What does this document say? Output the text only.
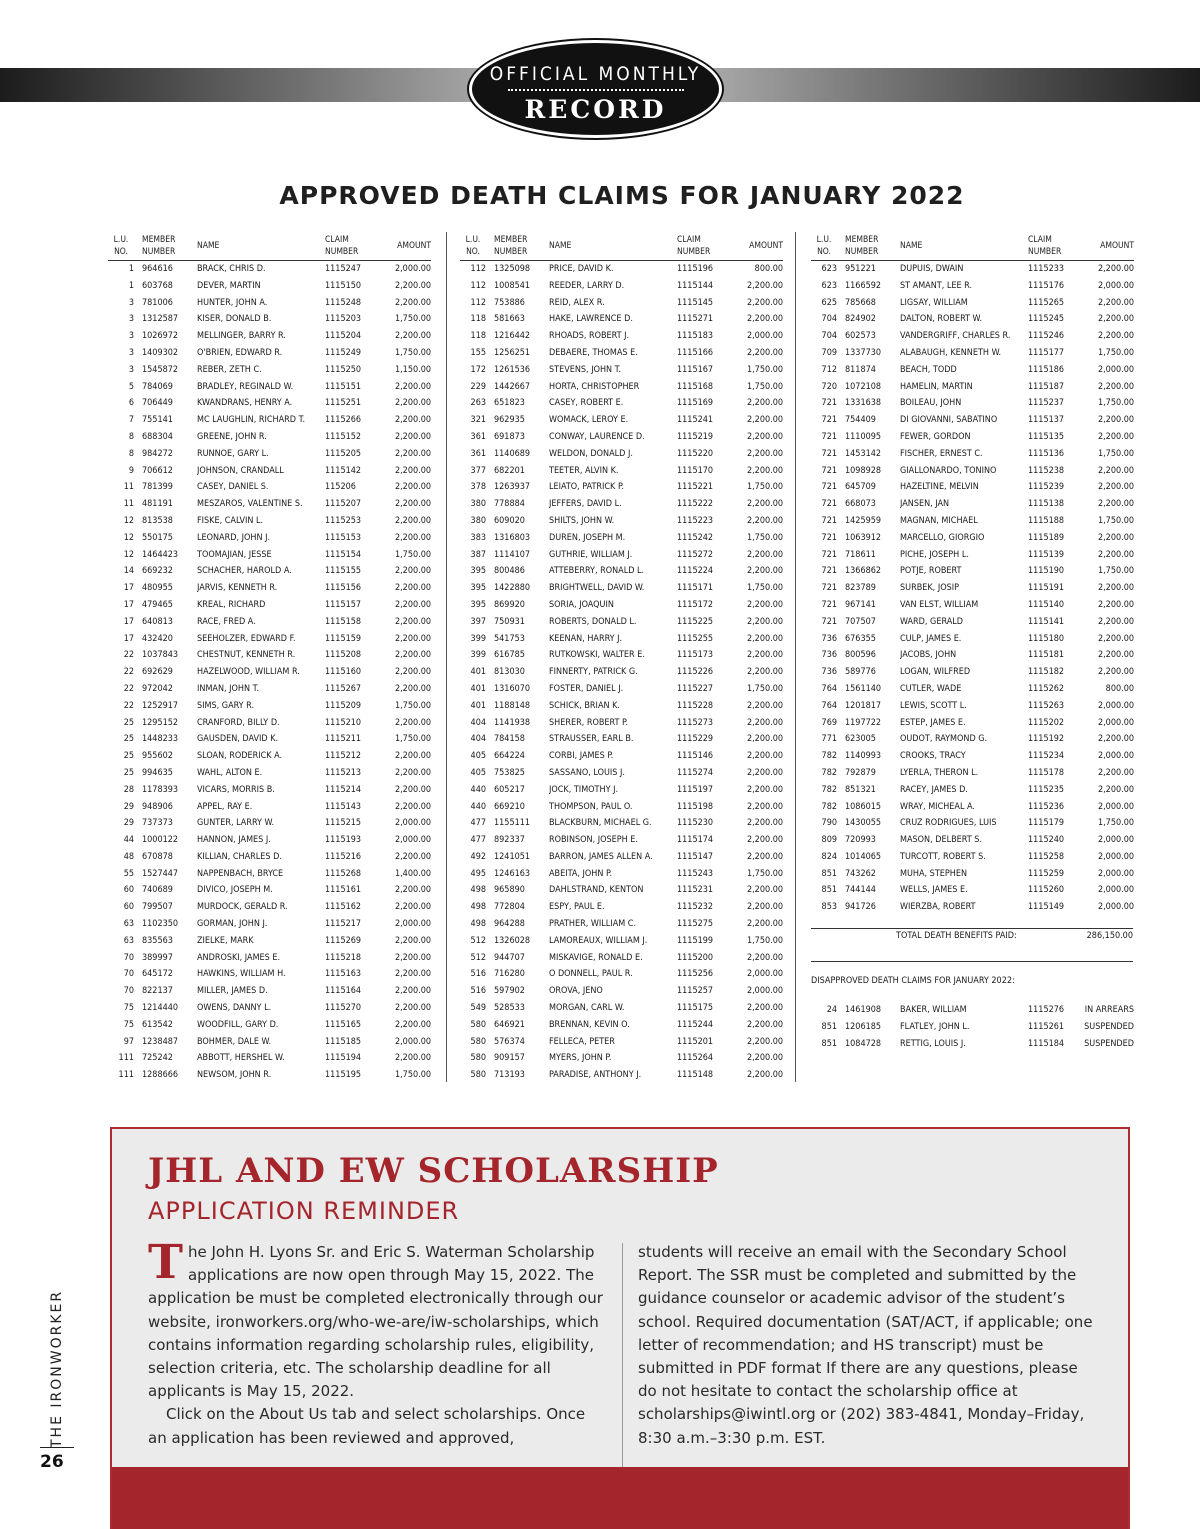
OFFICIAL MONTHLY
RECORD
APPROVED DEATH CLAIMS FOR JANUARY 2022
L.U.
NO.	MEMBER
NUMBER	NAME	CLAIM
NUMBER	AMOUNT
1	964616	BRACK, CHRIS D.	1115247	2,000.00
1	603768	DEVER, MARTIN	1115150	2,200.00
3	781006	HUNTER, JOHN A.	1115248	2,200.00
3	1312587	KISER, DONALD B.	1115203	1,750.00
3	1026972	MELLINGER, BARRY R.	1115204	2,200.00
3	1409302	O'BRIEN, EDWARD R.	1115249	1,750.00
3	1545872	REBER, ZETH C.	1115250	1,150.00
5	784069	BRADLEY, REGINALD W.	1115151	2,200.00
6	706449	KWANDRANS, HENRY A.	1115251	2,200.00
7	755141	MC LAUGHLIN, RICHARD T.	1115266	2,200.00
8	688304	GREENE, JOHN R.	1115152	2,200.00
8	984272	RUNNOE, GARY L.	1115205	2,200.00
9	706612	JOHNSON, CRANDALL	1115142	2,200.00
11	781399	CASEY, DANIEL S.	115206	2,200.00
11	481191	MESZAROS, VALENTINE S.	1115207	2,200.00
12	813538	FISKE, CALVIN L.	1115253	2,200.00
12	550175	LEONARD, JOHN J.	1115153	2,200.00
12	1464423	TOOMAJIAN, JESSE	1115154	1,750.00
14	669232	SCHACHER, HAROLD A.	1115155	2,200.00
17	480955	JARVIS, KENNETH R.	1115156	2,200.00
17	479465	KREAL, RICHARD	1115157	2,200.00
17	640813	RACE, FRED A.	1115158	2,200.00
17	432420	SEEHOLZER, EDWARD F.	1115159	2,200.00
22	1037843	CHESTNUT, KENNETH R.	1115208	2,200.00
22	692629	HAZELWOOD, WILLIAM R.	1115160	2,200.00
22	972042	INMAN, JOHN T.	1115267	2,200.00
22	1252917	SIMS, GARY R.	1115209	1,750.00
25	1295152	CRANFORD, BILLY D.	1115210	2,200.00
25	1448233	GAUSDEN, DAVID K.	1115211	1,750.00
25	955602	SLOAN, RODERICK A.	1115212	2,200.00
25	994635	WAHL, ALTON E.	1115213	2,200.00
28	1178393	VICARS, MORRIS B.	1115214	2,200.00
29	948906	APPEL, RAY E.	1115143	2,200.00
29	737373	GUNTER, LARRY W.	1115215	2,000.00
44	1000122	HANNON, JAMES J.	1115193	2,000.00
48	670878	KILLIAN, CHARLES D.	1115216	2,200.00
55	1527447	NAPPENBACH, BRYCE	1115268	1,400.00
60	740689	DIVICO, JOSEPH M.	1115161	2,200.00
60	799507	MURDOCK, GERALD R.	1115162	2,200.00
63	1102350	GORMAN, JOHN J.	1115217	2,000.00
63	835563	ZIELKE, MARK	1115269	2,200.00
70	389997	ANDROSKI, JAMES E.	1115218	2,200.00
70	645172	HAWKINS, WILLIAM H.	1115163	2,200.00
70	822137	MILLER, JAMES D.	1115164	2,200.00
75	1214440	OWENS, DANNY L.	1115270	2,200.00
75	613542	WOODFILL, GARY D.	1115165	2,200.00
97	1238487	BOHMER, DALE W.	1115185	2,000.00
111	725242	ABBOTT, HERSHEL W.	1115194	2,200.00
111	1288666	NEWSOM, JOHN R.	1115195	1,750.00
L.U.
NO.	MEMBER
NUMBER	NAME	CLAIM
NUMBER	AMOUNT
112	1325098	PRICE, DAVID K.	1115196	800.00
112	1008541	REEDER, LARRY D.	1115144	2,200.00
112	753886	REID, ALEX R.	1115145	2,200.00
118	581663	HAKE, LAWRENCE D.	1115271	2,200.00
118	1216442	RHOADS, ROBERT J.	1115183	2,000.00
155	1256251	DEBAERE, THOMAS E.	1115166	2,200.00
172	1261536	STEVENS, JOHN T.	1115167	1,750.00
229	1442667	HORTA, CHRISTOPHER	1115168	1,750.00
263	651823	CASEY, ROBERT E.	1115169	2,200.00
321	962935	WOMACK, LEROY E.	1115241	2,200.00
361	691873	CONWAY, LAURENCE D.	1115219	2,200.00
361	1140689	WELDON, DONALD J.	1115220	2,200.00
377	682201	TEETER, ALVIN K.	1115170	2,200.00
378	1263937	LEIATO, PATRICK P.	1115221	1,750.00
380	778884	JEFFERS, DAVID L.	1115222	2,200.00
380	609020	SHILTS, JOHN W.	1115223	2,200.00
383	1316803	DUREN, JOSEPH M.	1115242	1,750.00
387	1114107	GUTHRIE, WILLIAM J.	1115272	2,200.00
395	800486	ATTEBERRY, RONALD L.	1115224	2,200.00
395	1422880	BRIGHTWELL, DAVID W.	1115171	1,750.00
395	869920	SORIA, JOAQUIN	1115172	2,200.00
397	750931	ROBERTS, DONALD L.	1115225	2,200.00
399	541753	KEENAN, HARRY J.	1115255	2,200.00
399	616785	RUTKOWSKI, WALTER E.	1115173	2,200.00
401	813030	FINNERTY, PATRICK G.	1115226	2,200.00
401	1316070	FOSTER, DANIEL J.	1115227	1,750.00
401	1188148	SCHICK, BRIAN K.	1115228	2,200.00
404	1141938	SHERER, ROBERT P.	1115273	2,200.00
404	784158	STRAUSSER, EARL B.	1115229	2,200.00
405	664224	CORBI, JAMES P.	1115146	2,200.00
405	753825	SASSANO, LOUIS J.	1115274	2,200.00
440	605217	JOCK, TIMOTHY J.	1115197	2,200.00
440	669210	THOMPSON, PAUL O.	1115198	2,200.00
477	1155111	BLACKBURN, MICHAEL G.	1115230	2,200.00
477	892337	ROBINSON, JOSEPH E.	1115174	2,200.00
492	1241051	BARRON, JAMES ALLEN A.	1115147	2,200.00
495	1246163	ABEITA, JOHN P.	1115243	1,750.00
498	965890	DAHLSTRAND, KENTON	1115231	2,200.00
498	772804	ESPY, PAUL E.	1115232	2,200.00
498	964288	PRATHER, WILLIAM C.	1115275	2,200.00
512	1326028	LAMOREAUX, WILLIAM J.	1115199	1,750.00
512	944707	MISKAVIGE, RONALD E.	1115200	2,200.00
516	716280	O DONNELL, PAUL R.	1115256	2,000.00
516	597902	OROVA, JENO	1115257	2,000.00
549	528533	MORGAN, CARL W.	1115175	2,200.00
580	646921	BRENNAN, KEVIN O.	1115244	2,200.00
580	576374	FELLECA, PETER	1115201	2,200.00
580	909157	MYERS, JOHN P.	1115264	2,200.00
580	713193	PARADISE, ANTHONY J.	1115148	2,200.00
L.U.
NO.	MEMBER
NUMBER	NAME	CLAIM
NUMBER	AMOUNT
623	951221	DUPUIS, DWAIN	1115233	2,200.00
623	1166592	ST AMANT, LEE R.	1115176	2,000.00
625	785668	LIGSAY, WILLIAM	1115265	2,200.00
704	824902	DALTON, ROBERT W.	1115245	2,200.00
704	602573	VANDERGRIFF, CHARLES R.	1115246	2,200.00
709	1337730	ALABAUGH, KENNETH W.	1115177	1,750.00
712	811874	BEACH, TODD	1115186	2,000.00
720	1072108	HAMELIN, MARTIN	1115187	2,200.00
721	1331638	BOILEAU, JOHN	1115237	1,750.00
721	754409	DI GIOVANNI, SABATINO	1115137	2,200.00
721	1110095	FEWER, GORDON	1115135	2,200.00
721	1453142	FISCHER, ERNEST C.	1115136	1,750.00
721	1098928	GIALLONARDO, TONINO	1115238	2,200.00
721	645709	HAZELTINE, MELVIN	1115239	2,200.00
721	668073	JANSEN, JAN	1115138	2,200.00
721	1425959	MAGNAN, MICHAEL	1115188	1,750.00
721	1063912	MARCELLO, GIORGIO	1115189	2,200.00
721	718611	PICHE, JOSEPH L.	1115139	2,200.00
721	1366862	POTJE, ROBERT	1115190	1,750.00
721	823789	SURBEK, JOSIP	1115191	2,200.00
721	967141	VAN ELST, WILLIAM	1115140	2,200.00
721	707507	WARD, GERALD	1115141	2,200.00
736	676355	CULP, JAMES E.	1115180	2,200.00
736	800596	JACOBS, JOHN	1115181	2,200.00
736	589776	LOGAN, WILFRED	1115182	2,200.00
764	1561140	CUTLER, WADE	1115262	800.00
764	1201817	LEWIS, SCOTT L.	1115263	2,000.00
769	1197722	ESTEP, JAMES E.	1115202	2,000.00
771	623005	OUDOT, RAYMOND G.	1115192	2,200.00
782	1140993	CROOKS, TRACY	1115234	2,000.00
782	792879	LYERLA, THERON L.	1115178	2,200.00
782	851321	RACEY, JAMES D.	1115235	2,200.00
782	1086015	WRAY, MICHEAL A.	1115236	2,000.00
790	1430055	CRUZ RODRIGUES, LUIS	1115179	1,750.00
809	720993	MASON, DELBERT S.	1115240	2,000.00
824	1014065	TURCOTT, ROBERT S.	1115258	2,000.00
851	743262	MUHA, STEPHEN	1115259	2,000.00
851	744144	WELLS, JAMES E.	1115260	2,000.00
853	941726	WIERZBA, ROBERT	1115149	2,000.00
TOTAL DEATH BENEFITS PAID:	286,150.00
DISAPPROVED DEATH CLAIMS FOR JANUARY 2022:
24	1461908	BAKER, WILLIAM	1115276	IN ARREARS
851	1206185	FLATLEY, JOHN L.	1115261	SUSPENDED
851	1084728	RETTIG, LOUIS J.	1115184	SUSPENDED
JHL AND EW SCHOLARSHIP
APPLICATION REMINDER
The John H. Lyons Sr. and Eric S. Waterman Scholarship applications are now open through May 15, 2022. The application be must be completed electronically through our website, ironworkers.org/who-we-are/iw-scholarships, which contains information regarding scholarship rules, eligibility, selection criteria, etc. The scholarship deadline for all applicants is May 15, 2022.
Click on the About Us tab and select scholarships. Once an application has been reviewed and approved,
students will receive an email with the Secondary School Report. The SSR must be completed and submitted by the guidance counselor or academic advisor of the student’s school. Required documentation (SAT/ACT, if applicable; one letter of recommendation; and HS transcript) must be submitted in PDF format If there are any questions, please do not hesitate to contact the scholarship office at scholarships@iwintl.org or (202) 383-4841, Monday–Friday, 8:30 a.m.–3:30 p.m. EST.
THE IRONWORKER
26
